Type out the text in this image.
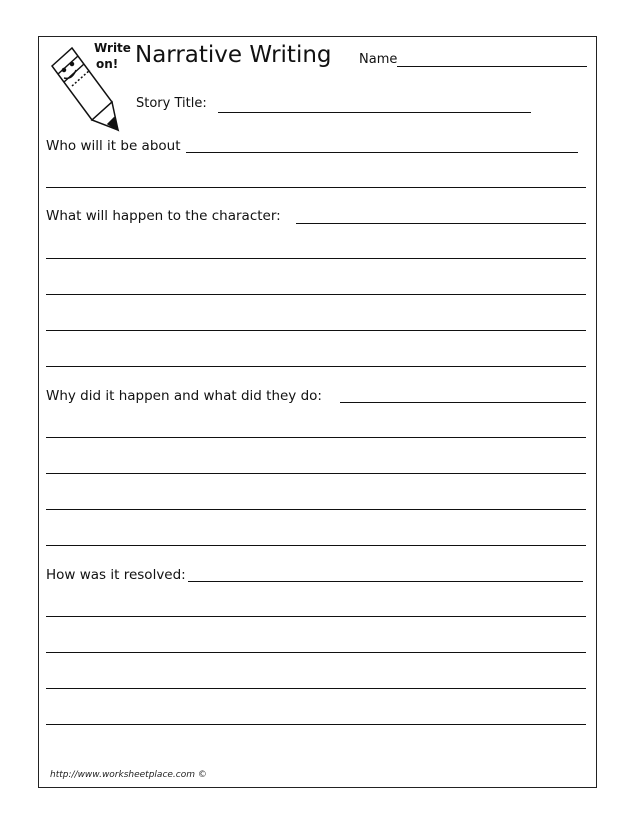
Write
on! Narrative Writing Name
Story Title:
Who will it be about
What will happen to the character:
Why did it happen and what did they do:
How was it resolved:
http://www.worksheetplace.com ©
